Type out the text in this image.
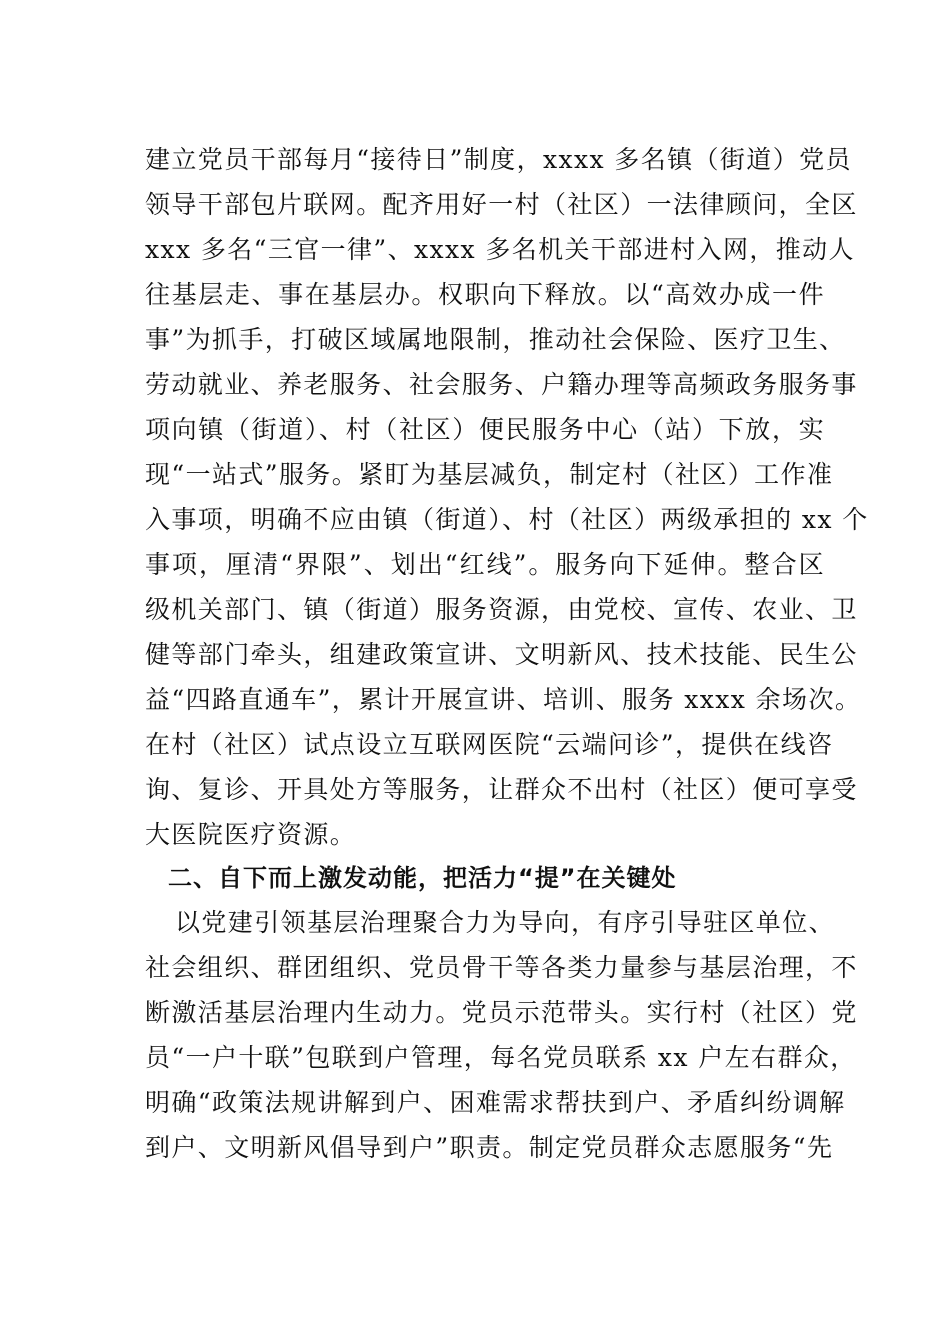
建立党员干部每月“接待日”制度，xxxx 多名镇（街道）党员
领导干部包片联网。配齐用好一村（社区）一法律顾问，全区
xxx 多名“三官一律”、xxxx 多名机关干部进村入网，推动人
往基层走、事在基层办。权职向下释放。以“高效办成一件
事”为抓手，打破区域属地限制，推动社会保险、医疗卫生、
劳动就业、养老服务、社会服务、户籍办理等高频政务服务事
项向镇（街道）、村（社区）便民服务中心（站）下放，实
现“一站式”服务。紧盯为基层减负，制定村（社区）工作准
入事项，明确不应由镇（街道）、村（社区）两级承担的 xx 个
事项，厘清“界限”、划出“红线”。服务向下延伸。整合区
级机关部门、镇（街道）服务资源，由党校、宣传、农业、卫
健等部门牵头，组建政策宣讲、文明新风、技术技能、民生公
益“四路直通车”，累计开展宣讲、培训、服务 xxxx 余场次。
在村（社区）试点设立互联网医院“云端问诊”，提供在线咨
询、复诊、开具处方等服务，让群众不出村（社区）便可享受
大医院医疗资源。
二、自下而上激发动能，把活力“提”在关键处
以党建引领基层治理聚合力为导向，有序引导驻区单位、
社会组织、群团组织、党员骨干等各类力量参与基层治理，不
断激活基层治理内生动力。党员示范带头。实行村（社区）党
员“一户十联”包联到户管理，每名党员联系 xx 户左右群众，
明确“政策法规讲解到户、困难需求帮扶到户、矛盾纠纷调解
到户、文明新风倡导到户”职责。制定党员群众志愿服务“先
